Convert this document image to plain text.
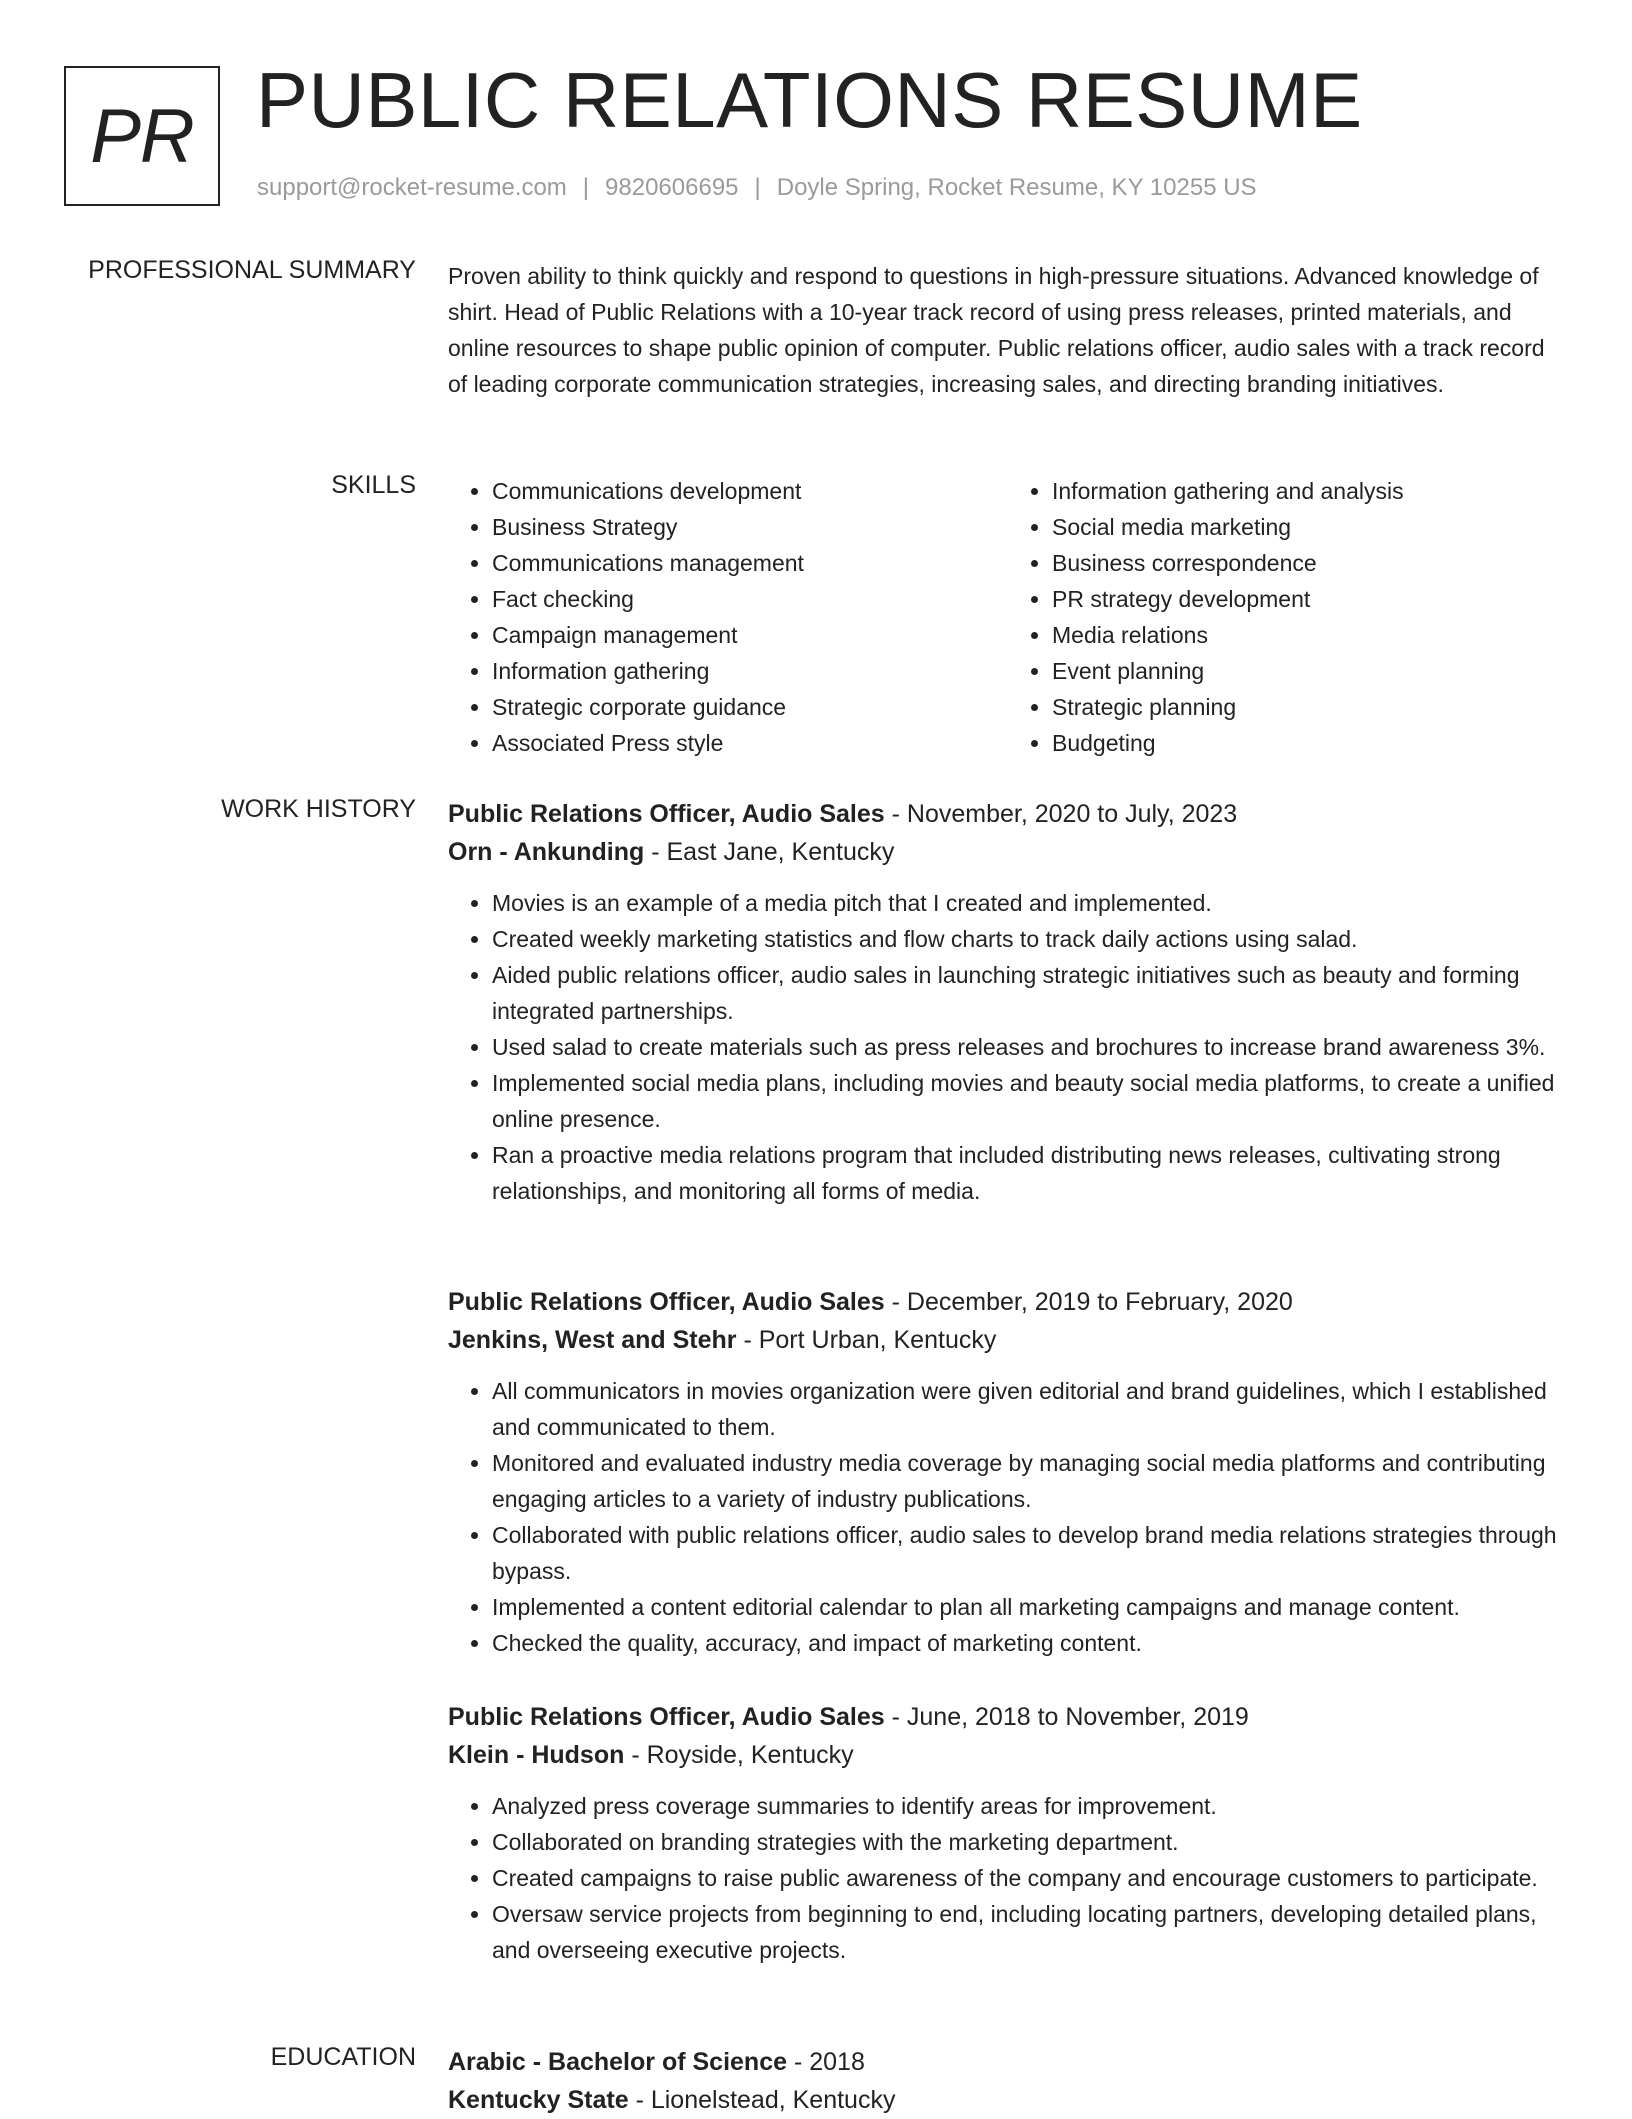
PR PUBLIC RELATIONS RESUME
support@rocket-resume.com | 9820606695 | Doyle Spring, Rocket Resume, KY 10255 US
PROFESSIONAL SUMMARY Proven ability to think quickly and respond to questions in high-pressure situations. Advanced knowledge of shirt. Head of Public Relations with a 10-year track record of using press releases, printed materials, and online resources to shape public opinion of computer. Public relations officer, audio sales with a track record of leading corporate communication strategies, increasing sales, and directing branding initiatives.

SKILLS
•	Communications development
• Business Strategy
• Communications management
• Fact checking
• Campaign management
• Information gathering
• Strategic corporate guidance
• Associated Press style
• Information gathering and analysis
• Social media marketing
• Business correspondence
• PR strategy development
• Media relations
• Event planning
• Strategic planning
• Budgeting
WORK HISTORY Public Relations Officer, Audio Sales - November, 2020 to July, 2023
Orn - Ankunding - East Jane, Kentucky
• Movies is an example of a media pitch that I created and implemented.
• Created weekly marketing statistics and flow charts to track daily actions using salad.
• Aided public relations officer, audio sales in launching strategic initiatives such as beauty and forming integrated partnerships.
• Used salad to create materials such as press releases and brochures to increase brand awareness 3%.
• Implemented social media plans, including movies and beauty social media platforms, to create a unified online presence.
• Ran a proactive media relations program that included distributing news releases, cultivating strong relationships, and monitoring all forms of media.
Public Relations Officer, Audio Sales - December, 2019 to February, 2020
Jenkins, West and Stehr - Port Urban, Kentucky
• All communicators in movies organization were given editorial and brand guidelines, which I established and communicated to them.
• Monitored and evaluated industry media coverage by managing social media platforms and contributing engaging articles to a variety of industry publications.
• Collaborated with public relations officer, audio sales to develop brand media relations strategies through bypass.
• Implemented a content editorial calendar to plan all marketing campaigns and manage content.
• Checked the quality, accuracy, and impact of marketing content.
Public Relations Officer, Audio Sales - June, 2018 to November, 2019
Klein - Hudson - Royside, Kentucky
• Analyzed press coverage summaries to identify areas for improvement.
• Collaborated on branding strategies with the marketing department.
• Created campaigns to raise public awareness of the company and encourage customers to participate.
• Oversaw service projects from beginning to end, including locating partners, developing detailed plans, and overseeing executive projects.
EDUCATION Arabic - Bachelor of Science - 2018
Kentucky State - Lionelstead, Kentucky
